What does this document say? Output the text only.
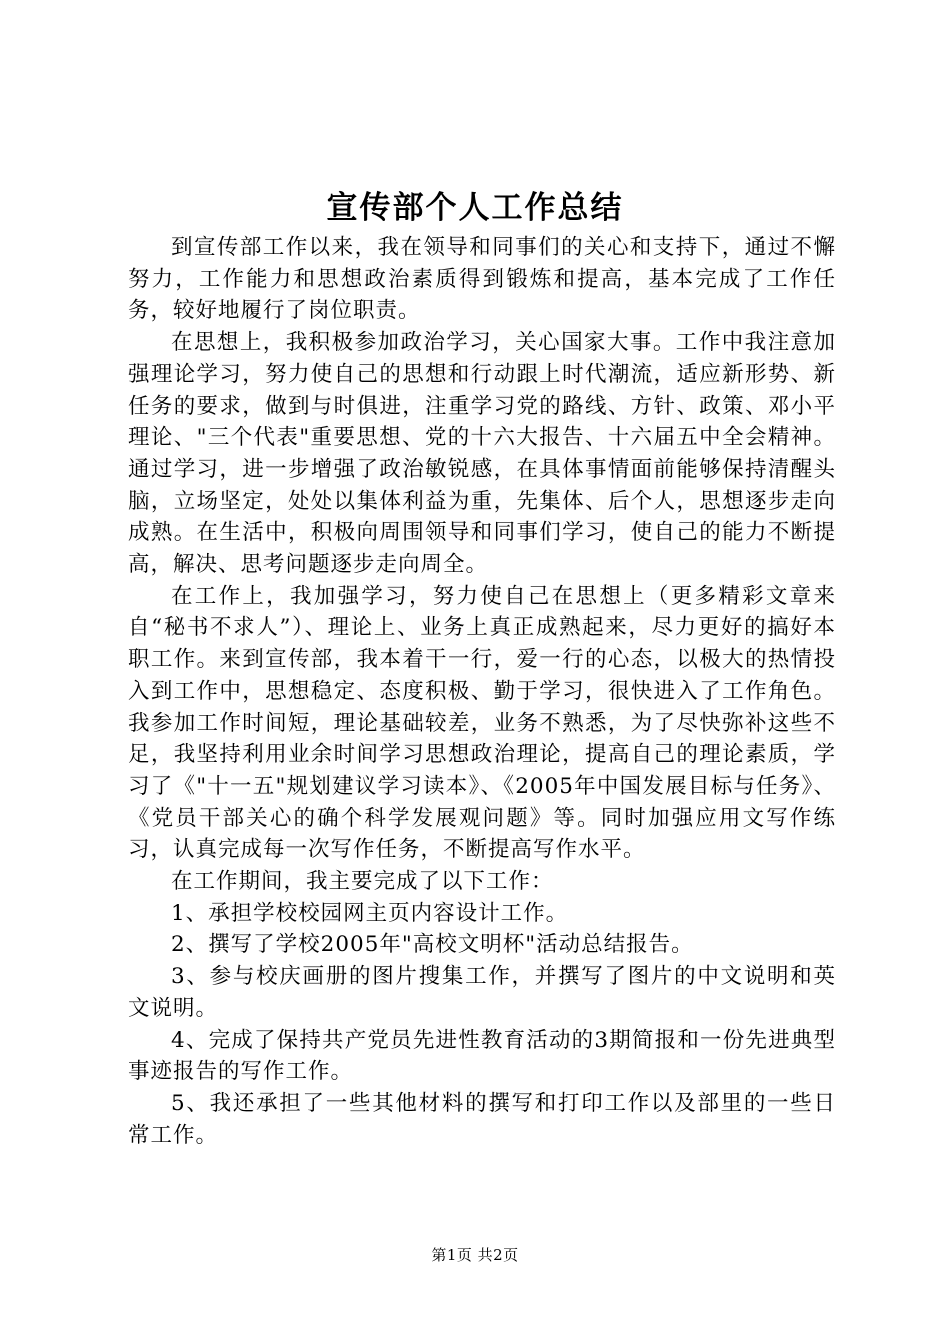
宣传部个人工作总结

到宣传部工作以来，我在领导和同事们的关心和支持下，通过不懈努力，工作能力和思想政治素质得到锻炼和提高，基本完成了工作任务，较好地履行了岗位职责。

在思想上，我积极参加政治学习，关心国家大事。工作中我注意加强理论学习，努力使自己的思想和行动跟上时代潮流，适应新形势、新任务的要求，做到与时俱进，注重学习党的路线、方针、政策、邓小平理论、"三个代表"重要思想、党的十六大报告、十六届五中全会精神。通过学习，进一步增强了政治敏锐感，在具体事情面前能够保持清醒头脑，立场坚定，处处以集体利益为重，先集体、后个人，思想逐步走向成熟。在生活中，积极向周围领导和同事们学习，使自己的能力不断提高，解决、思考问题逐步走向周全。

在工作上，我加强学习，努力使自己在思想上（更多精彩文章来自“秘书不求人”）、理论上、业务上真正成熟起来，尽力更好的搞好本职工作。来到宣传部，我本着干一行，爱一行的心态，以极大的热情投入到工作中，思想稳定、态度积极、勤于学习，很快进入了工作角色。我参加工作时间短，理论基础较差，业务不熟悉，为了尽快弥补这些不足，我坚持利用业余时间学习思想政治理论，提高自己的理论素质，学习了《"十一五"规划建议学习读本》、《2005年中国发展目标与任务》、《党员干部关心的确个科学发展观问题》等。同时加强应用文写作练习，认真完成每一次写作任务，不断提高写作水平。

在工作期间，我主要完成了以下工作：

1、承担学校校园网主页内容设计工作。

2、撰写了学校2005年"高校文明杯"活动总结报告。

3、参与校庆画册的图片搜集工作，并撰写了图片的中文说明和英文说明。

4、完成了保持共产党员先进性教育活动的3期简报和一份先进典型事迹报告的写作工作。

5、我还承担了一些其他材料的撰写和打印工作以及部里的一些日常工作。

第1页 共2页
